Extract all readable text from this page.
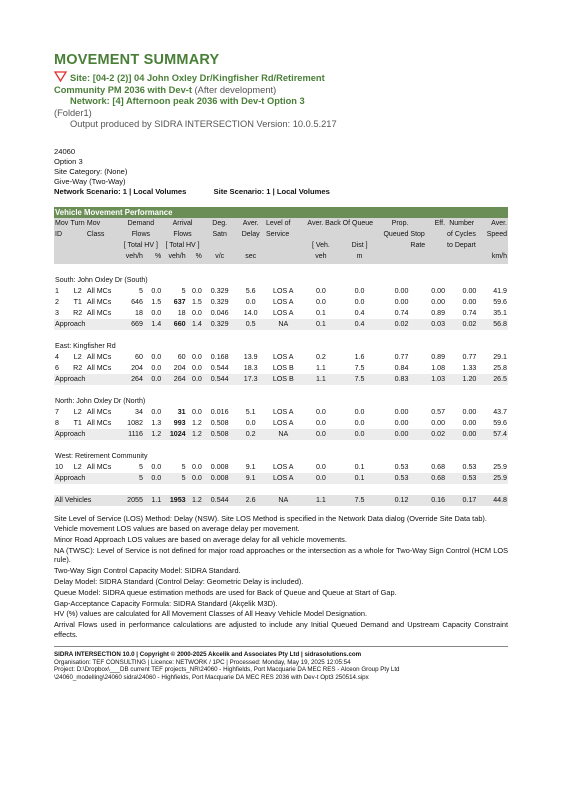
MOVEMENT SUMMARY
Site: [04-2 (2)] 04 John Oxley Dr/Kingfisher Rd/Retirement
Community PM 2036 with Dev-t (After development)
Network: [4] Afternoon peak 2036 with Dev-t Option 3
(Folder1)
Output produced by SIDRA INTERSECTION Version: 10.0.5.217
24060
Option 3
Site Category: (None)
Give-Way (Two-Way)
Network Scenario: 1 | Local Volumes	Site Scenario: 1 | Local Volumes
Vehicle Movement Performance															
Mov	Turn	Mov	Demand		Arrival		Deg.	Aver.	Level of	Aver. Back Of Queue		Prop.	Eff.	Number	Aver.
ID		Class	Flows		Flows		Satn	Delay	Service			Queued	Stop	of Cycles	Speed
			[ Total HV ]		[ Total HV ]					[ Veh.	Dist ]		Rate	to Depart	
			veh/h	%	veh/h	%	v/c	sec		veh	m				km/h

South: John Oxley Dr (South)															
1	L2	All MCs	5	0.0	5	0.0	0.329	5.6	LOS A	0.0	0.0	0.00	0.00	0.00	41.9
2	T1	All MCs	646	1.5	637	1.5	0.329	0.0	LOS A	0.0	0.0	0.00	0.00	0.00	59.6
3	R2	All MCs	18	0.0	18	0.0	0.046	14.0	LOS A	0.1	0.4	0.74	0.89	0.74	35.1
Approach			669	1.4	660	1.4	0.329	0.5	NA	0.1	0.4	0.02	0.03	0.02	56.8

East: Kingfisher Rd															
4	L2	All MCs	60	0.0	60	0.0	0.168	13.9	LOS A	0.2	1.6	0.77	0.89	0.77	29.1
6	R2	All MCs	204	0.0	204	0.0	0.544	18.3	LOS B	1.1	7.5	0.84	1.08	1.33	25.8
Approach			264	0.0	264	0.0	0.544	17.3	LOS B	1.1	7.5	0.83	1.03	1.20	26.5

North: John Oxley Dr (North)															
7	L2	All MCs	34	0.0	31	0.0	0.016	5.1	LOS A	0.0	0.0	0.00	0.57	0.00	43.7
8	T1	All MCs	1082	1.3	993	1.2	0.508	0.0	LOS A	0.0	0.0	0.00	0.00	0.00	59.6
Approach			1116	1.2	1024	1.2	0.508	0.2	NA	0.0	0.0	0.00	0.02	0.00	57.4

West: Retirement Community															
10	L2	All MCs	5	0.0	5	0.0	0.008	9.1	LOS A	0.0	0.1	0.53	0.68	0.53	25.9
Approach			5	0.0	5	0.0	0.008	9.1	LOS A	0.0	0.1	0.53	0.68	0.53	25.9

All Vehicles			2055	1.1	1953	1.2	0.544	2.6	NA	1.1	7.5	0.12	0.16	0.17	44.8

Site Level of Service (LOS) Method: Delay (NSW). Site LOS Method is specified in the Network Data dialog (Override Site Data tab).

Vehicle movement LOS values are based on average delay per movement.

Minor Road Approach LOS values are based on average delay for all vehicle movements.

NA (TWSC): Level of Service is not defined for major road approaches or the intersection as a whole for Two-Way Sign Control (HCM LOS rule).

Two-Way Sign Control Capacity Model: SIDRA Standard.

Delay Model: SIDRA Standard (Control Delay: Geometric Delay is included).

Queue Model: SIDRA queue estimation methods are used for Back of Queue and Queue at Start of Gap.

Gap-Acceptance Capacity Formula: SIDRA Standard (Akçelik M3D).

HV (%) values are calculated for All Movement Classes of All Heavy Vehicle Model Designation.

Arrival Flows used in performance calculations are adjusted to include any Initial Queued Demand and Upstream Capacity Constraint effects.

SIDRA INTERSECTION 10.0 | Copyright © 2000-2025 Akcelik and Associates Pty Ltd | sidrasolutions.com
Organisation: TEF CONSULTING | Licence: NETWORK / 1PC | Processed: Monday, May 19, 2025 12:05:54
Project: D:\Dropbox\___DB current TEF projects_NR\24060 - Highfields, Port Macquarie DA MEC RES - Alceon Group Pty Ltd
\24060_modelling\24060 sidra\24060 - Highfields, Port Macquarie DA MEC RES 2036 with Dev-t Opt3 250514.sipx
